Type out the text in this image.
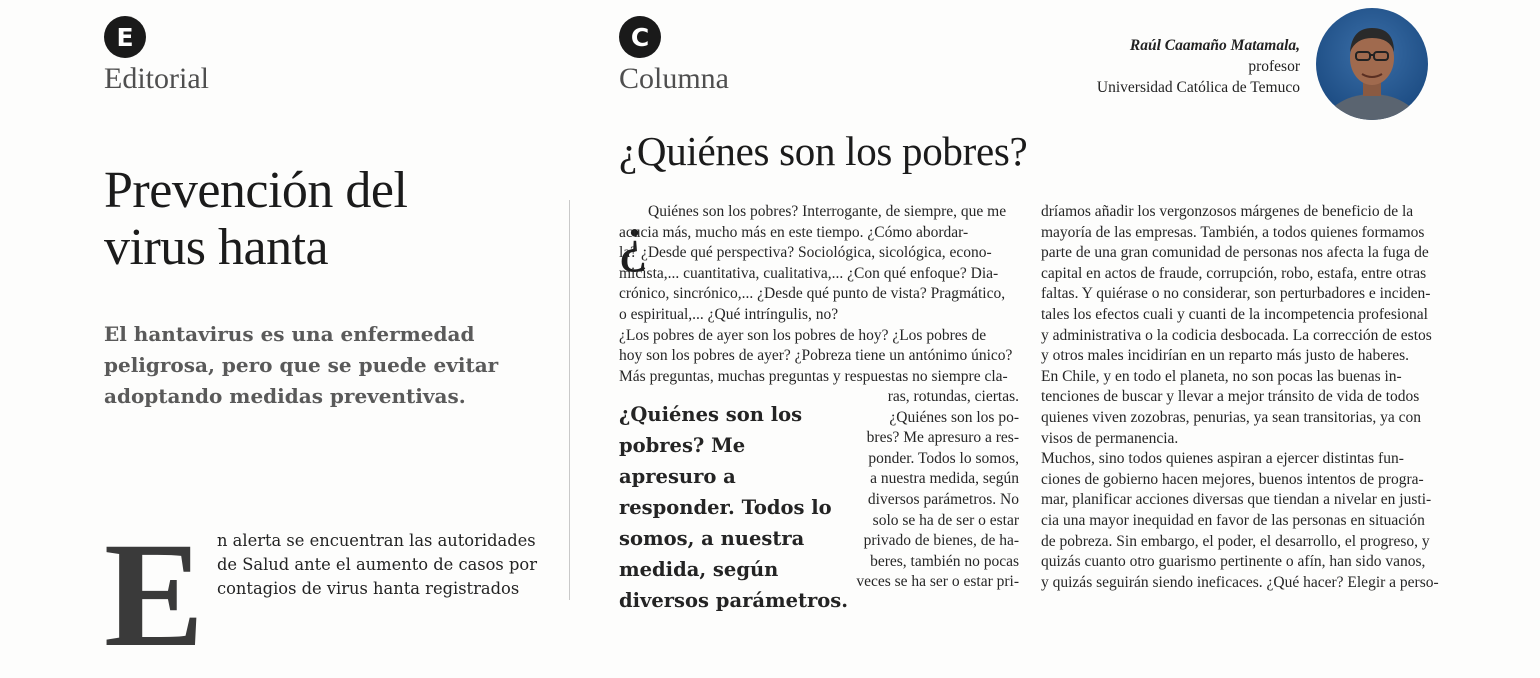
E
Editorial
Prevención del
virus hanta
El hantavirus es una enfermedad peligrosa, pero que se puede evitar adoptando medidas preventivas.
E n alerta se encuentran las autoridades
de Salud ante el aumento de casos por
contagios de virus hanta registrados
C
Columna
Raúl Caamaño Matamala,
profesor
Universidad Católica de Temuco
¿Quiénes son los pobres?
¿ Quiénes son los pobres? Interrogante, de siempre, que me
acucia más, mucho más en este tiempo. ¿Cómo abordar-
la? ¿Desde qué perspectiva? Sociológica, sicológica, econo-
micista,... cuantitativa, cualitativa,... ¿Con qué enfoque? Dia-
crónico, sincrónico,... ¿Desde qué punto de vista? Pragmático,
o espiritual,... ¿Qué intríngulis, no?
¿Los pobres de ayer son los pobres de hoy? ¿Los pobres de
hoy son los pobres de ayer? ¿Pobreza tiene un antónimo único?
Más preguntas, muchas preguntas y respuestas no siempre cla-
¿Quiénes son los
pobres? Me apresuro a
responder. Todos lo
somos, a nuestra
medida, según
diversos parámetros.
ras, rotundas, ciertas.
¿Quiénes son los po-
bres? Me apresuro a res-
ponder. Todos lo somos,
a nuestra medida, según
diversos parámetros. No
solo se ha de ser o estar
privado de bienes, de ha-
beres, también no pocas
veces se ha ser o estar pri-
dríamos añadir los vergonzosos márgenes de beneficio de la
mayoría de las empresas. También, a todos quienes formamos
parte de una gran comunidad de personas nos afecta la fuga de
capital en actos de fraude, corrupción, robo, estafa, entre otras
faltas. Y quiérase o no considerar, son perturbadores e inciden-
tales los efectos cuali y cuanti de la incompetencia profesional
y administrativa o la codicia desbocada. La corrección de estos
y otros males incidirían en un reparto más justo de haberes.
En Chile, y en todo el planeta, no son pocas las buenas in-
tenciones de buscar y llevar a mejor tránsito de vida de todos
quienes viven zozobras, penurias, ya sean transitorias, ya con
visos de permanencia.
Muchos, sino todos quienes aspiran a ejercer distintas fun-
ciones de gobierno hacen mejores, buenos intentos de progra-
mar, planificar acciones diversas que tiendan a nivelar en justi-
cia una mayor inequidad en favor de las personas en situación
de pobreza. Sin embargo, el poder, el desarrollo, el progreso, y
quizás cuanto otro guarismo pertinente o afín, han sido vanos,
y quizás seguirán siendo ineficaces. ¿Qué hacer? Elegir a perso-
